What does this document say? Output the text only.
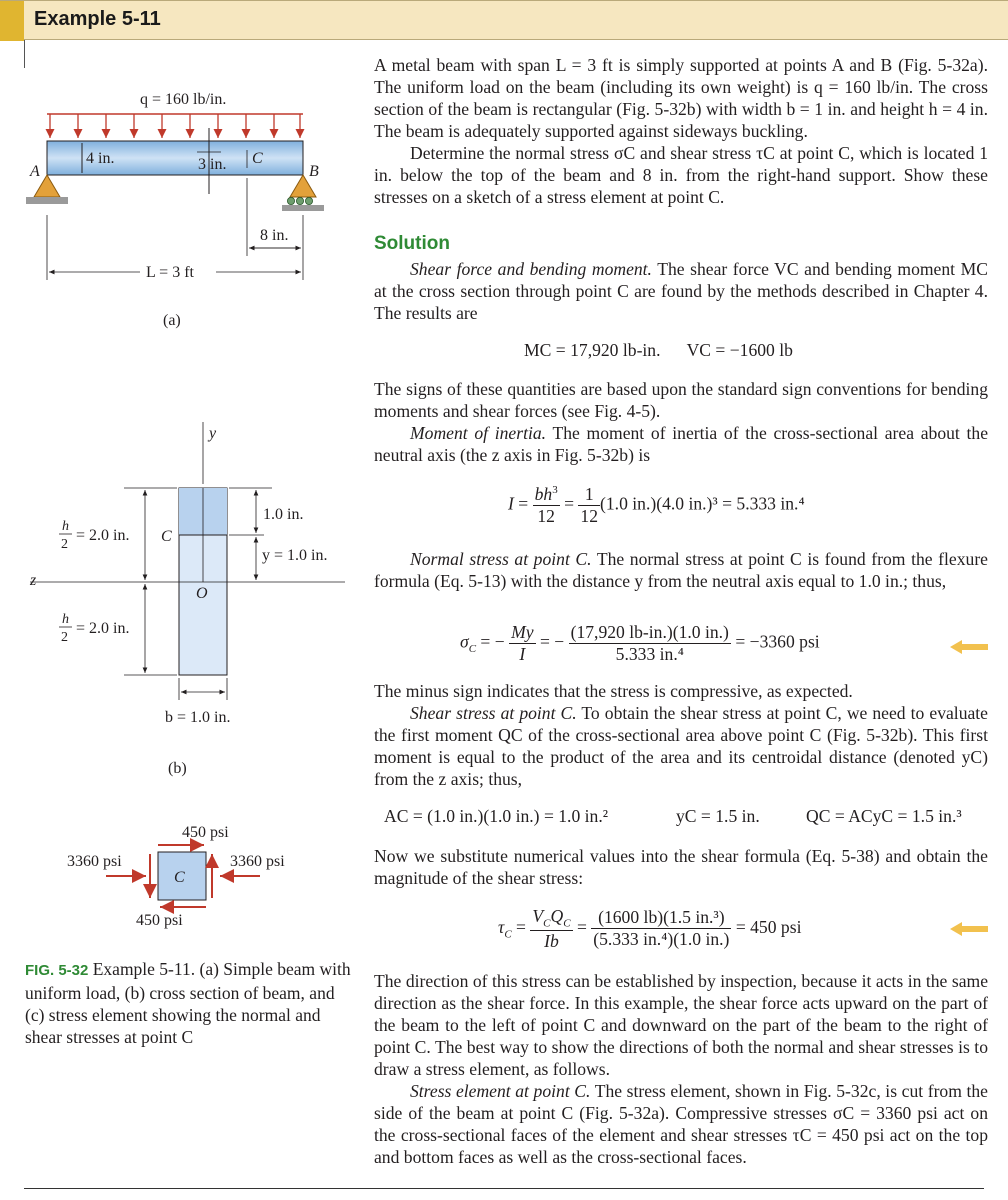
Example 5-11
q = 160 lb/in.
4 in.	3 in. C
A	B
8 in.
L = 3 ft
(a)
y
z
C
O
h
2
= 2.0 in.
h
2
= 2.0 in.
1.0 in.
y = 1.0 in.
b = 1.0 in.
(b)
450 psi
C
3360 psi	3360 psi
450 psi
FIG. 5-32 Example 5-11. (a) Simple beam with uniform load, (b) cross section of beam, and (c) stress element showing the normal and shear stresses at point C

A metal beam with span L = 3 ft is simply supported at points A and B (Fig. 5-32a). The uniform load on the beam (including its own weight) is q = 160 lb/in. The cross section of the beam is rectangular (Fig. 5-32b) with width b = 1 in. and height h = 4 in. The beam is adequately supported against sideways buckling.

Determine the normal stress σC and shear stress τC at point C, which is located 1 in. below the top of the beam and 8 in. from the right-hand support. Show these stresses on a sketch of a stress element at point C.

Solution

Shear force and bending moment. The shear force VC and bending moment MC at the cross section through point C are found by the methods described in Chapter 4. The results are

MC = 17,920 lb-in.      VC = −1600 lb

The signs of these quantities are based upon the standard sign conventions for bending moments and shear forces (see Fig. 4-5).

Moment of inertia. The moment of inertia of the cross-sectional area about the neutral axis (the z axis in Fig. 5-32b) is

$I = \frac{bh^3}{12} = \frac{1}{12} (1.0$ in.)(4.0 in.)³ = 5.333 in.⁴

Normal stress at point C. The normal stress at point C is found from the flexure formula (Eq. 5-13) with the distance y from the neutral axis equal to 1.0 in.; thus,

$\sigma_C$ = − $\frac{My}{I}$ = − $\frac{(17,920 lb-in.)(1.0 in.)}{\text{5.333 in.⁴}} = -3360$ psi

The minus sign indicates that the stress is compressive, as expected.

Shear stress at point C. To obtain the shear stress at point C, we need to evaluate the first moment QC of the cross-sectional area above point C (Fig. 5-32b). This first moment is equal to the product of the area and its centroidal distance (denoted yC) from the z axis; thus,

AC = (1.0 in.)(1.0 in.) = 1.0 in.²	yC = 1.5 in.	QC = ACyC = 1.5 in.³
Now we substitute numerical values into the shear formula (Eq. 5-38) and obtain the magnitude of the shear stress:
$\tau_C = \frac{V_CQ_C}{Ib} = \frac{\text{(1600 lb)(1.5 in.³)}}{\text{(5.333 in.⁴)(1.0 in.)}} = 450$ psi

The direction of this stress can be established by inspection, because it acts in the same direction as the shear force. In this example, the shear force acts upward on the part of the beam to the left of point C and downward on the part of the beam to the right of point C. The best way to show the directions of both the normal and shear stresses is to draw a stress element, as follows.

Stress element at point C. The stress element, shown in Fig. 5-32c, is cut from the side of the beam at point C (Fig. 5-32a). Compressive stresses σC = 3360 psi act on the cross-sectional faces of the element and shear stresses τC = 450 psi act on the top and bottom faces as well as the cross-sectional faces.
